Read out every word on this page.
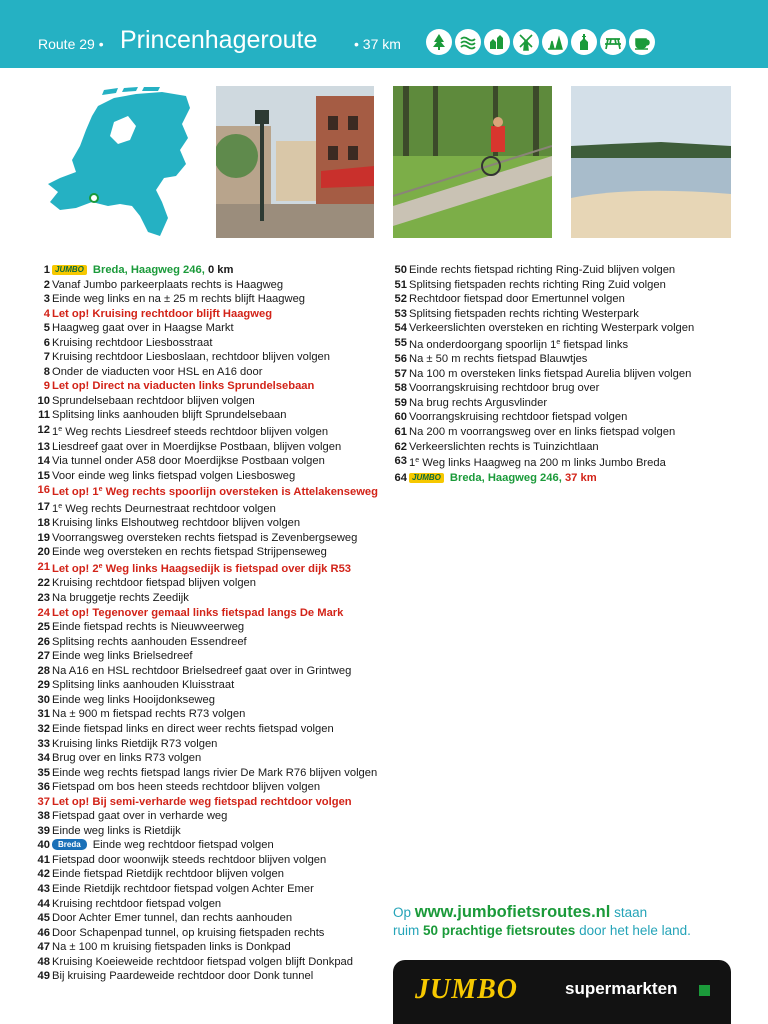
Route 29 • Princenhageroute	• 37 km
1 JUMBO Breda, Haagweg 246, 0 km
2 Vanaf Jumbo parkeerplaats rechts is Haagweg
3 Einde weg links en na ± 25 m rechts blijft Haagweg
4 Let op! Kruising rechtdoor blijft Haagweg
5 Haagweg gaat over in Haagse Markt
6 Kruising rechtdoor Liesbosstraat
7 Kruising rechtdoor Liesboslaan, rechtdoor blijven volgen
8 Onder de viaducten voor HSL en A16 door
9 Let op! Direct na viaducten links Sprundelsebaan
10 Sprundelsebaan rechtdoor blijven volgen
11 Splitsing links aanhouden blijft Sprundelsebaan
12 1e Weg rechts Liesdreef steeds rechtdoor blijven volgen
13 Liesdreef gaat over in Moerdijkse Postbaan, blijven volgen
14 Via tunnel onder A58 door Moerdijkse Postbaan volgen
15 Voor einde weg links fietspad volgen Liesbosweg
16 Let op! 1e Weg rechts spoorlijn oversteken is Attelakenseweg
17 1e Weg rechts Deurnestraat rechtdoor volgen
18 Kruising links Elshoutweg rechtdoor blijven volgen
19 Voorrangsweg oversteken rechts fietspad is Zevenbergseweg
20 Einde weg oversteken en rechts fietspad Strijpenseweg
21 Let op! 2e Weg links Haagsedijk is fietspad over dijk R53
22 Kruising rechtdoor fietspad blijven volgen
23 Na bruggetje rechts Zeedijk
24 Let op! Tegenover gemaal links fietspad langs De Mark
25 Einde fietspad rechts is Nieuwveerweg
26 Splitsing rechts aanhouden Essendreef
27 Einde weg links Brielsedreef
28 Na A16 en HSL rechtdoor Brielsedreef gaat over in Grintweg
29 Splitsing links aanhouden Kluisstraat
30 Einde weg links Hooijdonkseweg
31 Na ± 900 m fietspad rechts R73 volgen
32 Einde fietspad links en direct weer rechts fietspad volgen
33 Kruising links Rietdijk R73 volgen
34 Brug over en links R73 volgen
35 Einde weg rechts fietspad langs rivier De Mark R76 blijven volgen
36 Fietspad om bos heen steeds rechtdoor blijven volgen
37 Let op! Bij semi-verharde weg fietspad rechtdoor volgen
38 Fietspad gaat over in verharde weg
39 Einde weg links is Rietdijk
40 Breda Einde weg rechtdoor fietspad volgen
41 Fietspad door woonwijk steeds rechtdoor blijven volgen
42 Einde fietspad Rietdijk rechtdoor blijven volgen
43 Einde Rietdijk rechtdoor fietspad volgen Achter Emer
44 Kruising rechtdoor fietspad volgen
45 Door Achter Emer tunnel, dan rechts aanhouden
46 Door Schapenpad tunnel, op kruising fietspaden rechts
47 Na ± 100 m kruising fietspaden links is Donkpad
48 Kruising Koeieweide rechtdoor fietspad volgen blijft Donkpad
49 Bij kruising Paardeweide rechtdoor door Donk tunnel
50 Einde rechts fietspad richting Ring-Zuid blijven volgen
51 Splitsing fietspaden rechts richting Ring Zuid volgen
52 Rechtdoor fietspad door Emertunnel volgen
53 Splitsing fietspaden rechts richting Westerpark
54 Verkeerslichten oversteken en richting Westerpark volgen
55 Na onderdoorgang spoorlijn 1e fietspad links
56 Na ± 50 m rechts fietspad Blauwtjes
57 Na 100 m oversteken links fietspad Aurelia blijven volgen
58 Voorrangskruising rechtdoor brug over
59 Na brug rechts Argusvlinder
60 Voorrangskruising rechtdoor fietspad volgen
61 Na 200 m voorrangsweg over en links fietspad volgen
62 Verkeerslichten rechts is Tuinzichtlaan
63 1e Weg links Haagweg na 200 m links Jumbo Breda
64 JUMBO Breda, Haagweg 246, 37 km
Op www.jumbofietsroutes.nl staan
ruim 50 prachtige fietsroutes door het hele land.
JUMBO	supermarkten
